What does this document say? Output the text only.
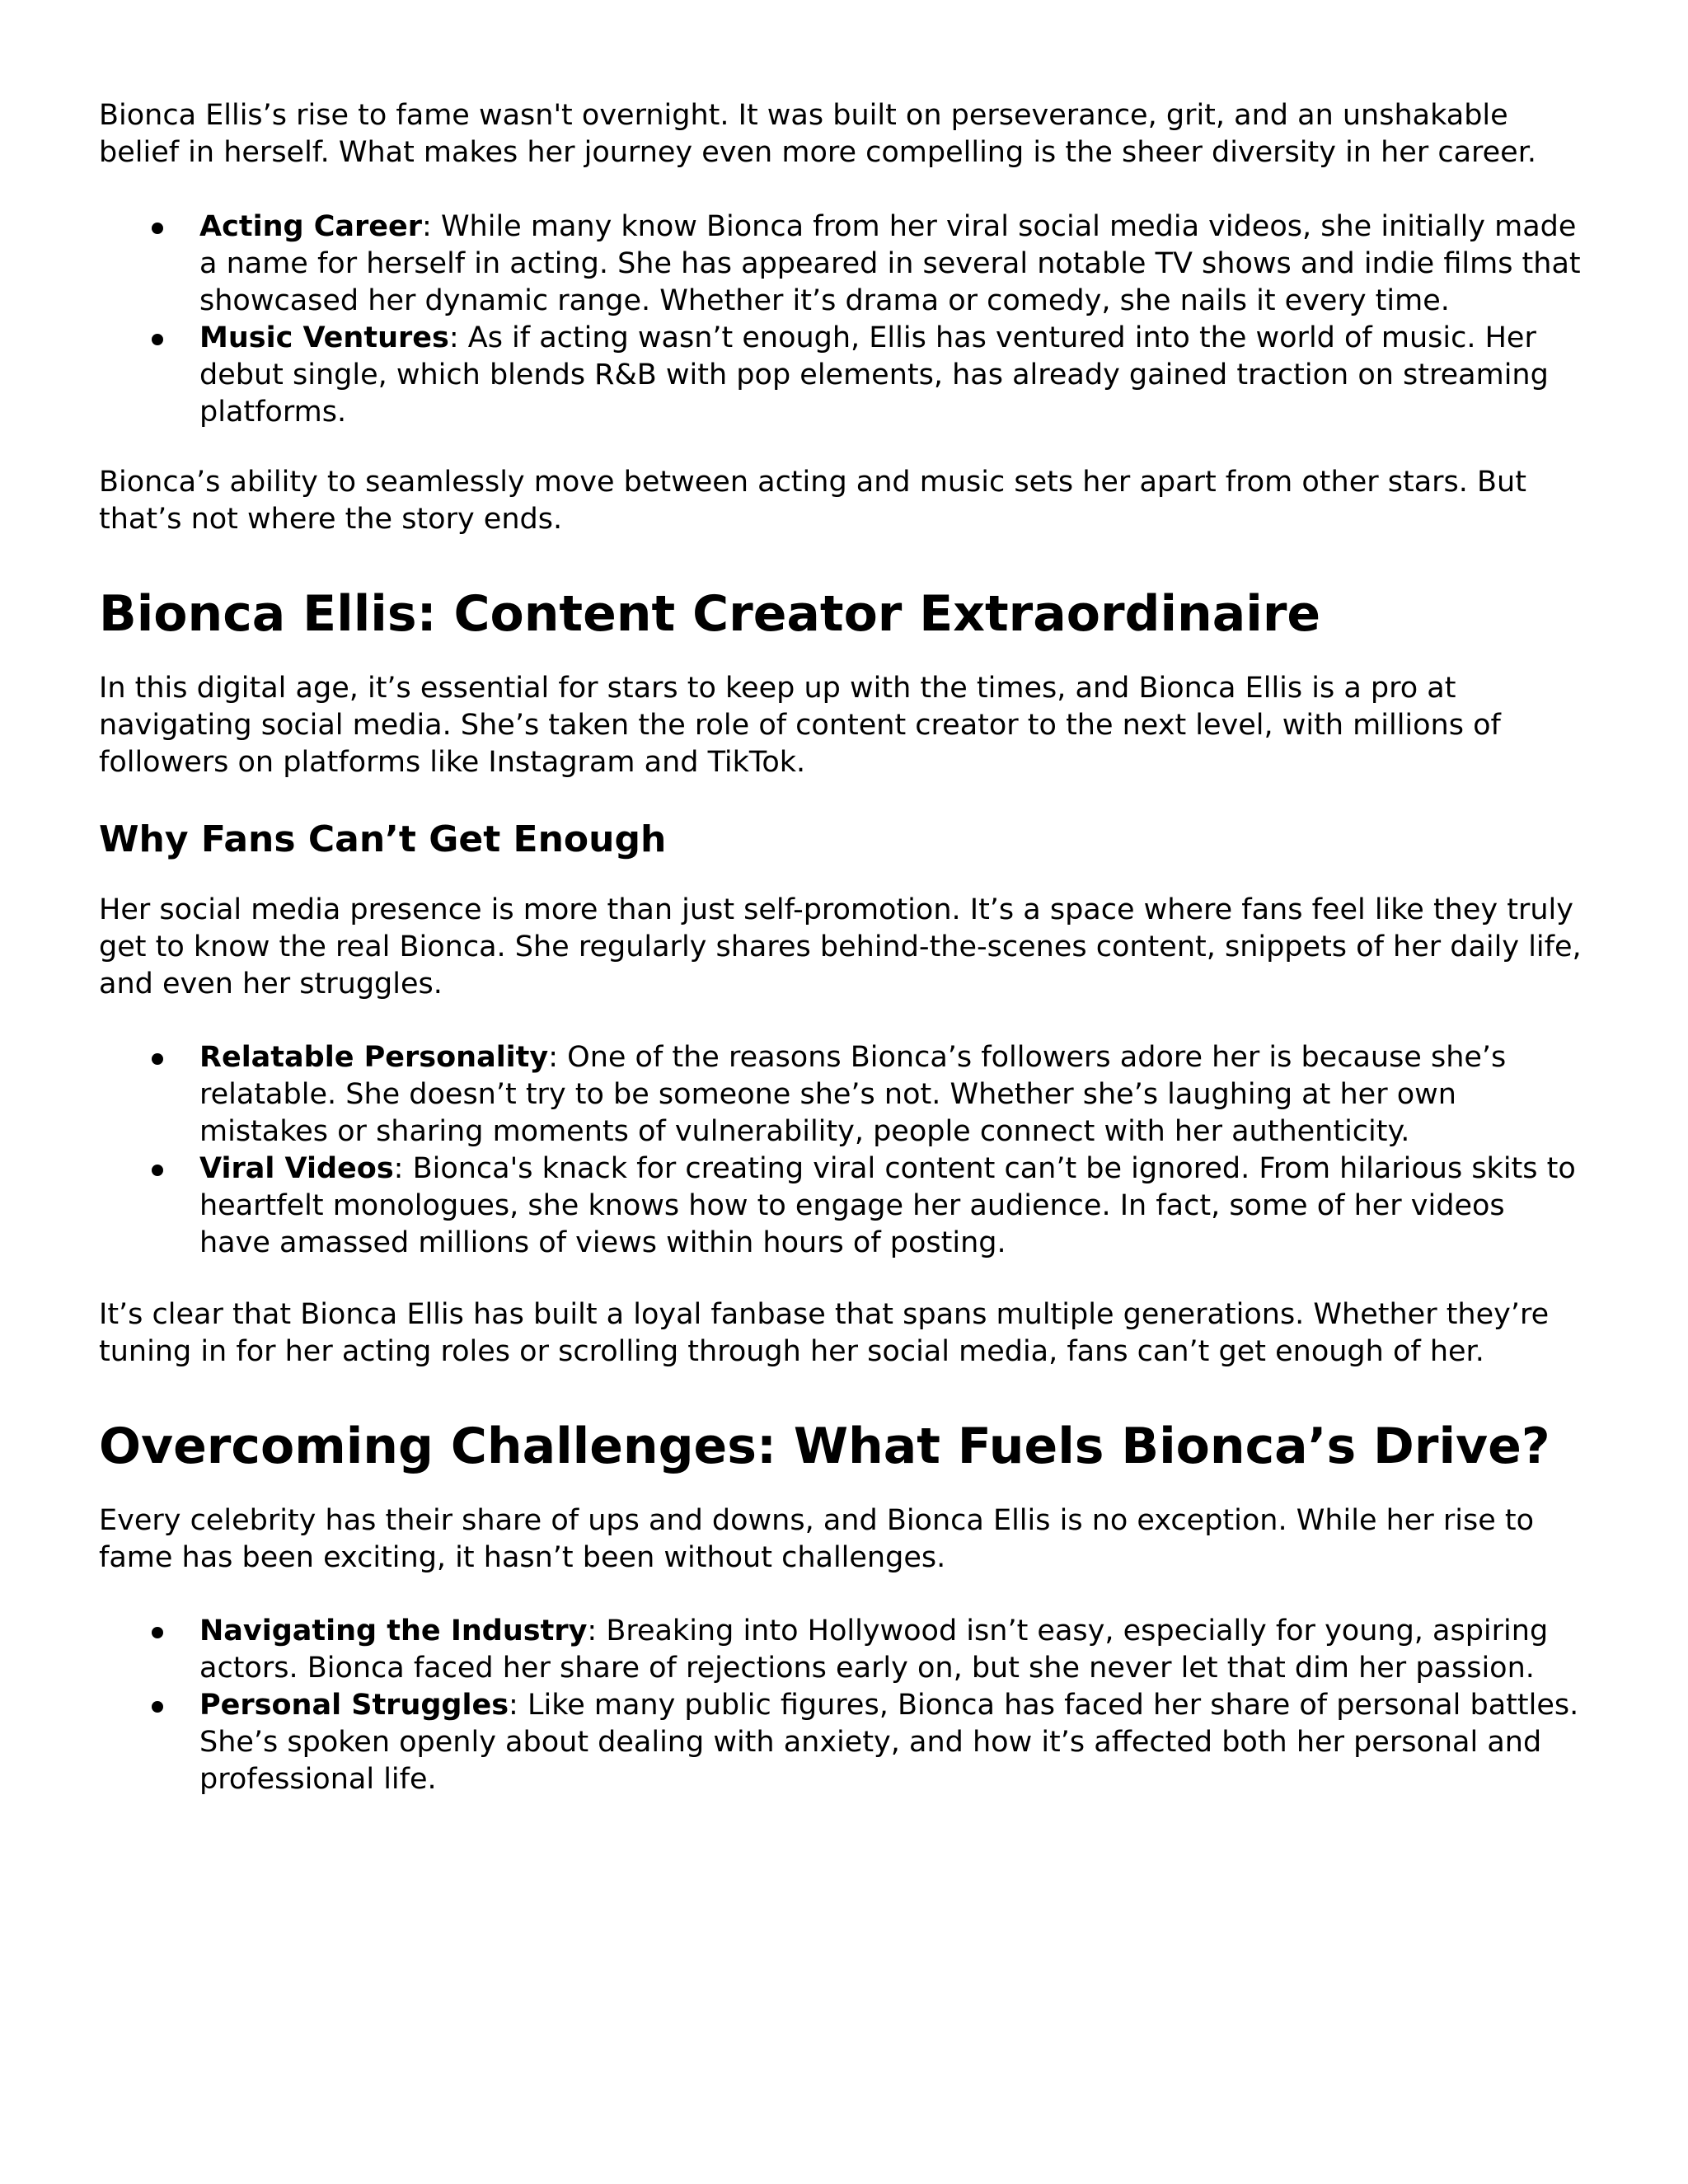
Bionca Ellis’s rise to fame wasn't overnight. It was built on perseverance, grit, and an unshakable belief in herself. What makes her journey even more compelling is the sheer diversity in her career.

Acting Career: While many know Bionca from her viral social media videos, she initially made a name for herself in acting. She has appeared in several notable TV shows and indie films that showcased her dynamic range. Whether it’s drama or comedy, she nails it every time.
Music Ventures: As if acting wasn’t enough, Ellis has ventured into the world of music. Her debut single, which blends R&B with pop elements, has already gained traction on streaming platforms.

Bionca’s ability to seamlessly move between acting and music sets her apart from other stars. But that’s not where the story ends.

Bionca Ellis: Content Creator Extraordinaire

In this digital age, it’s essential for stars to keep up with the times, and Bionca Ellis is a pro at navigating social media. She’s taken the role of content creator to the next level, with millions of followers on platforms like Instagram and TikTok.

Why Fans Can’t Get Enough

Her social media presence is more than just self-promotion. It’s a space where fans feel like they truly get to know the real Bionca. She regularly shares behind-the-scenes content, snippets of her daily life, and even her struggles.

Relatable Personality: One of the reasons Bionca’s followers adore her is because she’s relatable. She doesn’t try to be someone she’s not. Whether she’s laughing at her own mistakes or sharing moments of vulnerability, people connect with her authenticity.
Viral Videos: Bionca's knack for creating viral content can’t be ignored. From hilarious skits to heartfelt monologues, she knows how to engage her audience. In fact, some of her videos have amassed millions of views within hours of posting.

It’s clear that Bionca Ellis has built a loyal fanbase that spans multiple generations. Whether they’re tuning in for her acting roles or scrolling through her social media, fans can’t get enough of her.

Overcoming Challenges: What Fuels Bionca’s Drive?

Every celebrity has their share of ups and downs, and Bionca Ellis is no exception. While her rise to fame has been exciting, it hasn’t been without challenges.

Navigating the Industry: Breaking into Hollywood isn’t easy, especially for young, aspiring actors. Bionca faced her share of rejections early on, but she never let that dim her passion.
Personal Struggles: Like many public figures, Bionca has faced her share of personal battles. She’s spoken openly about dealing with anxiety, and how it’s affected both her personal and professional life.
